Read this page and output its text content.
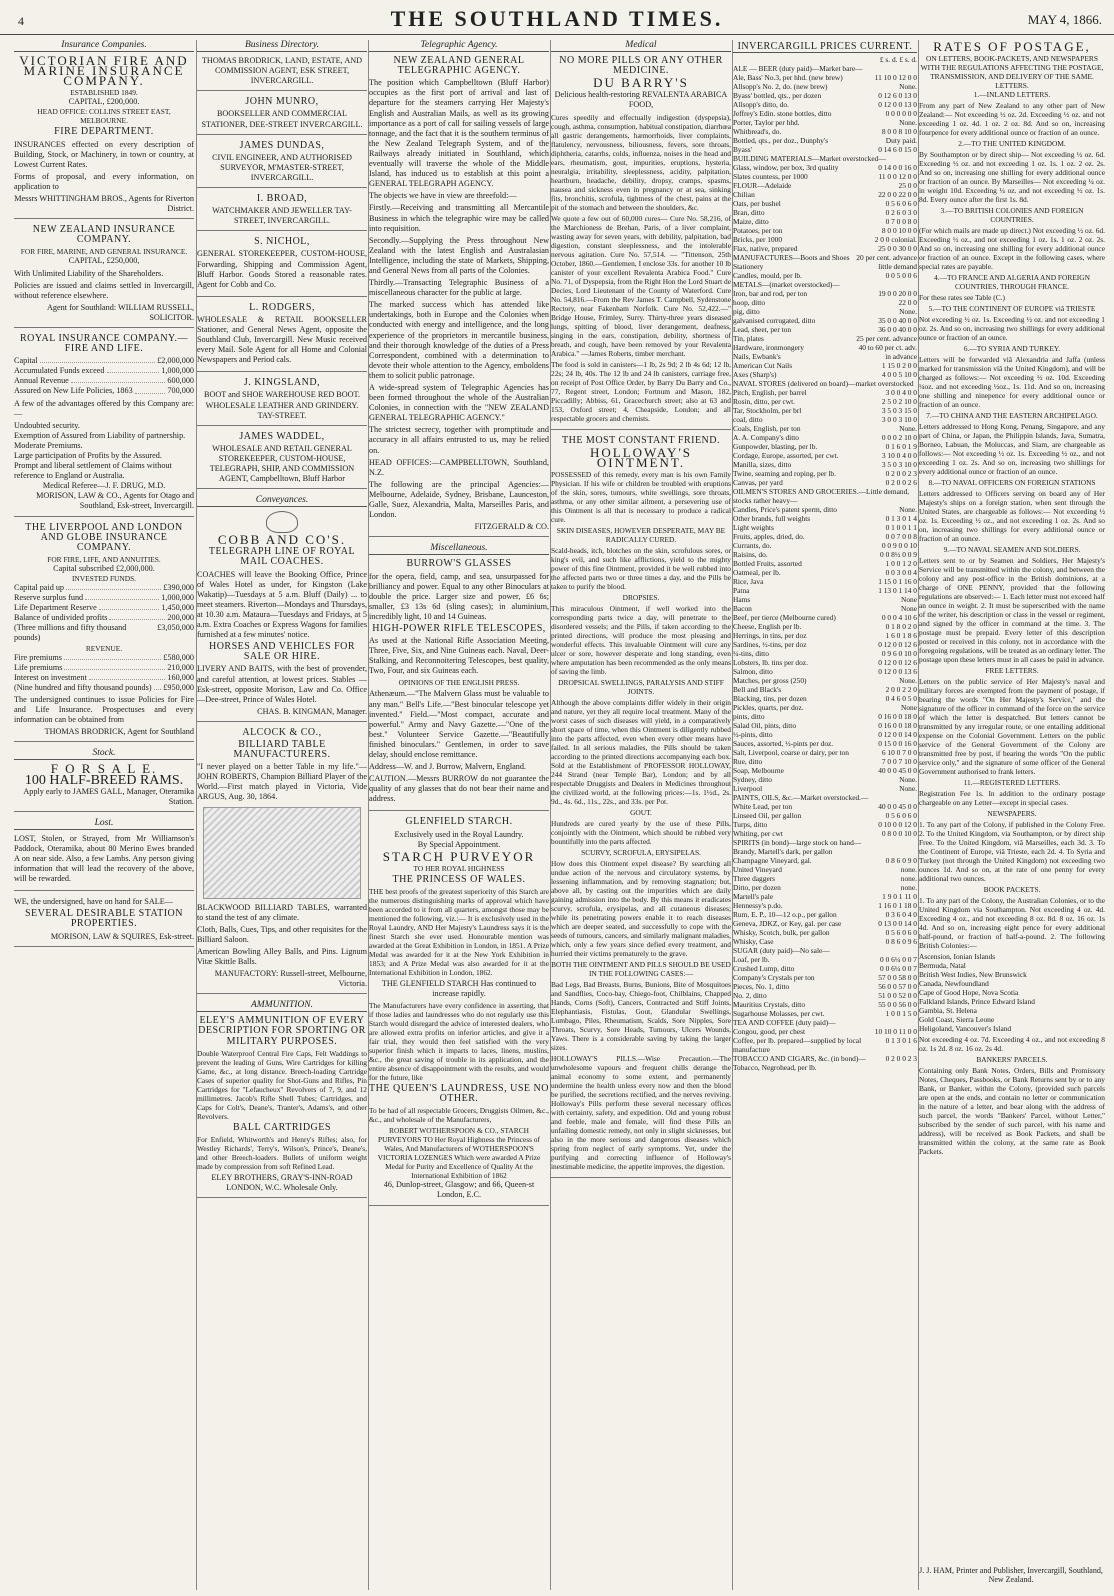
4	THE SOUTHLAND TIMES.	MAY 4, 1866.
Insurance Companies.
VICTORIAN FIRE AND MARINE INSURANCE COMPANY.
ESTABLISHED 1849.
CAPITAL, £200,000.
HEAD OFFICE: COLLINS STREET EAST, MELBOURNE.
FIRE DEPARTMENT.
INSURANCES effected on every description of Building, Stock, or Machinery, in town or country, at Lowest Current Rates.
Forms of proposal, and every information, on application to
Messrs WHITTINGHAM BROS., Agents for Riverton District.
NEW ZEALAND INSURANCE COMPANY.
FOR FIRE, MARINE, AND GENERAL INSURANCE.
CAPITAL, £250,000,
With Unlimited Liability of the Shareholders.
Policies are issued and claims settled in Invercargill, without reference elsewhere.
Agent for Southland: WILLIAM RUSSELL, SOLICITOR.
ROYAL INSURANCE COMPANY.—FIRE AND LIFE.
Capital	£2,000,000
Accumulated Funds exceed	1,000,000
Annual Revenue	600,000
Assured on New Life Policies, 1863	700,000
A few of the advantages offered by this Company are:—
Undoubted security.
Exemption of Assured from Liability of partnership.
Moderate Premiums.
Large participation of Profits by the Assured.
Prompt and liberal settlement of Claims without reference to England or Australia.
Medical Referee—J. F. DRUG, M.D.
MORISON, LAW & CO., Agents for Otago and Southland, Esk-street, Invercargill.
THE LIVERPOOL AND LONDON AND GLOBE INSURANCE COMPANY.
FOR FIRE, LIFE, AND ANNUITIES.
Capital subscribed £2,000,000.
INVESTED FUNDS.
Capital paid up	£390,000
Reserve surplus fund	1,000,000
Life Department Reserve	1,450,000
Balance of undivided profits	200,000
(Three millions and fifty thousand pounds)
£3,050,000
REVENUE.
Fire premiums	£580,000
Life premiums	210,000
Interest on investment	160,000
(Nine hundred and fifty thousand pounds) £950,000
The undersigned continues to issue Policies for Fire and Life Insurance. Prospectuses and every information can be obtained from
THOMAS BRODRICK, Agent for Southland
Stock.
F O R S A L E.
100 HALF-BREED RAMS.
Apply early to JAMES GALL, Manager, Oteramika Station.
Lost.
LOST, Stolen, or Strayed, from Mr Williamson's Paddock, Oteramika, about 80 Merino Ewes branded A on near side. Also, a few Lambs. Any person giving information that will lead the recovery of the above, will be rewarded.
WE, the undersigned, have on hand for SALE—
SEVERAL DESIRABLE STATION PROPERTIES.
MORISON, LAW & SQUIRES, Esk-street.
Business Directory.
THOMAS BRODRICK, LAND, ESTATE, AND COMMISSION AGENT, ESK STREET, INVERCARGILL.
JOHN MUNRO,
BOOKSELLER AND COMMERCIAL STATIONER, DEE-STREET INVERCARGILL.
JAMES DUNDAS,
CIVIL ENGINEER, AND AUTHORISED SURVEYOR, M'MASTER-STREET, INVERCARGILL.
I. BROAD,
WATCHMAKER AND JEWELLER TAY-STREET, INVERCARGILL.
S. NICHOL,
GENERAL STOREKEEPER, CUSTOM-HOUSE, Forwarding, Shipping and Commission Agent, Bluff Harbor. Goods Stored a reasonable rates. Agent for Cobb and Co.
L. RODGERS,
WHOLESALE & RETAIL BOOKSELLER Stationer, and General News Agent, opposite the Southland Club, Invercargill. New Music received every Mail. Sole Agent for all Home and Colonial Newspapers and Period cals.
J. KINGSLAND,
BOOT and SHOE WAREHOUSE RED BOOT. WHOLESALE LEATHER AND GRINDERY. TAY-STREET.
JAMES WADDEL,
WHOLESALE AND RETAIL GENERAL STOREKEEPER, CUSTOM-HOUSE, TELEGRAPH, SHIP, AND COMMISSION AGENT, Campbelltown, Bluff Harbor
Conveyances.
COBB AND CO'S.
TELEGRAPH LINE OF ROYAL MAIL COACHES.
COACHES will leave the Booking Office, Prince of Wales Hotel as under, for Kingston (Lake Wakatip)—Tuesdays at 5 a.m. Bluff (Daily) ... to meet steamers. Riverton—Mondays and Thursdays, at 10.30 a.m. Mataura—Tuesdays and Fridays, at 5 a.m. Extra Coaches or Express Wagons for families furnished at a few minutes' notice.
HORSES AND VEHICLES FOR SALE OR HIRE.
LIVERY AND BAITS, with the best of provender, and careful attention, at lowest prices. Stables — Esk-street, opposite Morison, Law and Co. Office—Dee-street, Prince of Wales Hotel.
CHAS. B. KINGMAN, Manager.
ALCOCK & CO.,
BILLIARD TABLE MANUFACTURERS.
"I never played on a better Table in my life."—JOHN ROBERTS, Champion Billiard Player of the World.—First match played in Victoria, Vide ARGUS, Aug. 30, 1864.
BLACKWOOD BILLIARD TABLES, warranted to stand the test of any climate.
Cloth, Balls, Cues, Tips, and other requisites for the Billiard Saloon.
American Bowling Alley Balls, and Pins. Lignum Vitæ Skittle Balls.
MANUFACTORY: Russell-street, Melbourne, Victoria.
AMMUNITION.
ELEY'S AMMUNITION OF EVERY DESCRIPTION FOR SPORTING OR MILITARY PURPOSES.
Double Waterproof Central Fire Caps, Felt Waddings to prevent the leading of Guns, Wire Cartridges for killing Game, &c., at long distance. Breech-loading Cartridge Cases of superior quality for Shot-Guns and Rifles, Pin Cartridges for "Lefaucheux" Revolvers of 7, 9, and 12 millimetres. Jacob's Rifle Shell Tubes; Cartridges, and Caps for Colt's, Deane's, Tranter's, Adams's, and other Revolvers.
BALL CARTRIDGES
For Enfield, Whitworth's and Henry's Rifles; also, for Westley Richards', Terry's, Wilson's, Prince's, Deane's, and other Breech-loaders. Bullets of uniform weight made by compression from soft Refined Lead.
ELEY BROTHERS, GRAY'S-INN-ROAD LONDON, W.C. Wholesale Only.
Telegraphic Agency.
NEW ZEALAND GENERAL TELEGRAPHIC AGENCY.
The position which Campbelltown (Bluff Harbor) occupies as the first port of arrival and last of departure for the steamers carrying Her Majesty's English and Australian Mails, as well as its growing importance as a port of call for sailing vessels of large tonnage, and the fact that it is the southern terminus of the New Zealand Telegraph System, and of the Railways already initiated in Southland, which eventually will traverse the whole of the Middle Island, has induced us to establish at this point a GENERAL TELEGRAPH AGENCY.
The objects we have in view are threefold:—
Firstly.—Receiving and transmitting all Mercantile Business in which the telegraphic wire may be called into requisition.
Secondly.—Supplying the Press throughout New Zealand with the latest English and Australasian Intelligence, including the state of Markets, Shipping, and General News from all parts of the Colonies.
Thirdly.—Transacting Telegraphic Business of a miscellaneous character for the public at large.
The marked success which has attended like undertakings, both in Europe and the Colonies when conducted with energy and intelligence, and the long experience of the proprietors in mercantile business, and their thorough knowledge of the duties of a Press Correspondent, combined with a determination to devote their whole attention to the Agency, emboldens them to solicit public patronage.
A wide-spread system of Telegraphic Agencies has been formed throughout the whole of the Australian Colonies, in connection with the "NEW ZEALAND GENERAL TELEGRAPHIC AGENCY."
The strictest secrecy, together with promptitude and accuracy in all affairs entrusted to us, may be relied on.
HEAD OFFICES:—CAMPBELLTOWN, Southland, N.Z.
The following are the principal Agencies:—Melbourne, Adelaide, Sydney, Brisbane, Launceston, Galle, Suez, Alexandria, Malta, Marseilles Paris, and London.
FITZGERALD & CO.
Miscellaneous.
BURROW'S GLASSES
for the opera, field, camp, and sea, unsurpassed for brilliancy and power. Equal to any other Binoculars at double the price. Larger size and power, £6 6s; smaller, £3 13s 6d (sling cases); in aluminium, incredibly light, 10 and 14 Guineas.
HIGH-POWER RIFLE TELESCOPES,
As used at the National Rifle Association Meeting, Three, Five, Six, and Nine Guineas each. Naval, Deer-Stalking, and Reconnoitering Telescopes, best quality, Two, Four, and six Guineas each.
OPINIONS OF THE ENGLISH PRESS.
Athenæum.—"The Malvern Glass must be valuable to any man." Bell's Life.—"Best binocular telescope yet invented." Field.—"Most compact, accurate and powerful." Army and Navy Gazette.—"One of the best." Volunteer Service Gazette.—"Beautifully finished binoculars." Gentlemen, in order to save delay, should enclose remittance.
Address—W. and J. Burrow, Malvern, England.
CAUTION.—Messrs BURROW do not guarantee the quality of any glasses that do not bear their name and address.
GLENFIELD STARCH.
Exclusively used in the Royal Laundry.
By Special Appointment.
STARCH PURVEYOR
TO HER ROYAL HIGHNESS
THE PRINCESS OF WALES.
THE best proofs of the greatest superiority of this Starch are the numerous distinguishing marks of approval which have been accorded to it from all quarters, amongst those may be mentioned the following, viz.:— It is exclusively used in the Royal Laundry, AND Her Majesty's Laundress says it is the finest Starch she ever used. Honourable mention was awarded at the Great Exhibition in London, in 1851. A Prize Medal was awarded for it at the New York Exhibition in 1853; and A Prize Medal was also awarded for it at the International Exhibition in London, 1862.
THE GLENFIELD STARCH Has continued to increase rapidly.
The Manufacturers have every confidence in asserting, that if those ladies and laundresses who do not regularly use this Starch would disregard the advice of interested dealers, who are allowed extra profits on inferior articles, and give it a fair trial, they would then feel satisfied with the very superior finish which it imparts to laces, linens, muslins, &c., the great saving of trouble in its application, and the entire absence of disappointment with the results, and would for the future, like
THE QUEEN'S LAUNDRESS, USE NO OTHER.
To be had of all respectable Grocers, Druggists Oilmen, &c., &c., and wholesale of the Manufacturers,
ROBERT WOTHERSPOON & CO., STARCH PURVEYORS TO Her Royal Highness the Princess of Wales, And Manufacturers of WOTHERSPOON'S VICTORIA LOZENGES Which were awarded A Prize Medal for Purity and Excellence of Quality At the International Exhibition of 1862
46, Dunlop-street, Glasgow; and 66, Queen-st London, E.C.
Medical
NO MORE PILLS OR ANY OTHER MEDICINE.
DU BARRY'S
Delicious health-restoring REVALENTA ARABICA FOOD,
Cures speedily and effectually indigestion (dyspepsia), cough, asthma, consumption, habitual constipation, diarrhœa all gastric derangements, hæmorrhoids, liver complaints, flatulency, nervousness, biliousness, fevers, sore throats, diphtheria, catarrhs, colds, influenza, noises in the head and ears, rheumatism, gout, impurities, eruptions, hysteria, neuralgia, irritability, sleeplessness, acidity, palpitation, heartburn, headache, debility, dropsy, cramps, spasms, nausea and sickness even in pregnancy or at sea, sinking fits, bronchitis, scrofula, tightness of the chest, pains at the pit of the stomach and between the shoulders, &c.
We quote a few out of 60,000 cures— Cure No. 58,216, of the Marchioness de Brehan, Paris, of a liver complaint, wasting away for seven years, with debility, palpitation, bad digestion, constant sleeplessness, and the intolerable nervous agitation. Cure No. 57,514. — "Tittenson, 25th October, 1860.—Gentlemen, I enclose 33s. for another 10 lb canister of your excellent Revalenta Arabica Food." Cure No. 71, of Dyspepsia, from the Right Hon the Lord Stuart de Decies, Lord Lieutenant of the County of Waterford. Cure No. 54,816.—From the Rev James T. Campbell, Sydenstone Rectory, near Fakenham Norfolk. Cure No. 52,422.—" Bridge House, Frimley, Surry. Thirty-three years diseased lungs, spitting of blood, liver derangement, deafness, singing in the ears, constipation, debility, shortness of breath, and cough, have been removed by your Revalenta Arabica." —James Roberts, timber merchant.
The food is sold in canisters—1 lb, 2s 9d; 2 lb 4s 6d; 12 lb, 22s; 24 lb, 40s. The 12 lb and 24 lb canisters, carriage free, on receipt of Post Office Order, by Barry Du Barry and Co., 77, Regent street, London; Fortnum and Mason, 182, Piccadilly; Abbiss, 61, Gracechurch street; also at 63 and 153, Oxford street; 4, Cheapside, London; and all respectable grocers and chemists.
THE MOST CONSTANT FRIEND.
HOLLOWAY'S OINTMENT.
POSSESSED of this remedy, every man is his own Family Physician. If his wife or children be troubled with eruptions of the skin, sores, tumours, white swellings, sore throats, asthma, or any other similar ailment, a persevering use of this Ointment is all that is necessary to produce a radical cure.
SKIN DISEASES, HOWEVER DESPERATE, MAY BE RADICALLY CURED.
Scald-heads, itch, blotches on the skin, scrofulous sores, or king's evil, and such like afflictions, yield to the mighty power of this fine Ointment, provided it be well rubbed into the affected parts two or three times a day, and the Pills be taken to purify the blood.
DROPSIES.
This miraculous Ointment, if well worked into the corresponding parts twice a day, will penetrate to the disordered vessels; and the Pills, if taken according to the printed directions, will produce the most pleasing and wonderful effects. This invaluable Ointment will cure any ulcer or sore, however desperate and long standing, even where amputation has been recommended as the only means of saving the limb.
DROPSICAL SWELLINGS, PARALYSIS AND STIFF JOINTS.
Although the above complaints differ widely in their origin and nature, yet they all require local treatment. Many of the worst cases of such diseases will yield, in a comparatively short space of time, when this Ointment is diligently rubbed into the parts affected, even when every other means have failed. In all serious maladies, the Pills should be taken according to the printed directions accompanying each box. Sold at the Establishment of PROFESSOR HOLLOWAY, 244 Strand (near Temple Bar), London; and by all respectable Druggists and Dealers in Medicines throughout the civilized world, at the following prices:—1s. 1½d., 2s. 9d., 4s. 6d., 11s., 22s., and 33s. per Pot.
GOUT.
Hundreds are cured yearly by the use of these Pills, conjointly with the Ointment, which should be rubbed very bountifully into the parts affected.
SCURVY, SCROFULA, ERYSIPELAS.
How does this Ointment expel disease? By searching all undue action of the nervous and circulatory systems, by lessening inflammation, and by removing stagnation; but, above all, by casting out the impurities which are daily gaining admission into the body. By this means it eradicates scurvy, scrofula, erysipelas, and all cutaneous diseases; while its penetrating powers enable it to reach diseases which are deeper seated, and successfully to cope with the seeds of tumours, cancers, and similarly malignant maladies, which, only a few years since defied every treatment, and hurried their victims prematurely to the grave.
BOTH THE OINTMENT AND PILLS SHOULD BE USED IN THE FOLLOWING CASES:—
Bad Legs, Bad Breasts, Burns, Bunions, Bite of Mosquitoes and Sandflies, Coco-bay, Chiego-foot, Chilblains, Chapped Hands, Corns (Soft), Cancers, Contracted and Stiff Joints, Elephantiasis, Fistulas, Gout, Glandular Swellings, Lumbago, Piles, Rheumatism, Scalds, Sore Nipples, Sore Throats, Scurvy, Sore Heads, Tumours, Ulcers Wounds, Yaws. There is a considerable saving by taking the larger sizes.
HOLLOWAY'S PILLS.—Wise Precaution.—The unwholesome vapours and frequent chills derange the animal economy to some extent, and permanently undermine the health unless every now and then the blood be purified, the secretions rectified, and the nerves reviving. Holloway's Pills perform these several necessary offices with certainty, safety, and expedition. Old and young robust and feeble, male and female, will find these Pills an unfailing domestic remedy, not only in slight sicknesses, but also in the more serious and dangerous diseases which spring from neglect of early symptoms. Yet, under the purifying and correcting influence of Holloway's inestimable medicine, the appetite improves, the digestion.
INVERCARGILL PRICES CURRENT.
£ s. d. £ s. d.
ALE — BEER (duty paid)—Market bare—
Ale, Bass' No.3, per hhd. (new brew)	11 10 0 12 0 0
Allsopp's No. 2, do. (new brew)	None.
Byass' bottled, qts., per dozen	0 12 6 0 13 0
Allsopp's ditto, do.	0 12 0 0 13 0
Jeffrey's Edin. stone bottles, ditto	0 0 0 0 0 0
Porter, Taylor per hhd.	None.
Whitbread's, do.	8 0 0 8 10 0
Bottled, qts., per doz., Dunphy's	Duty paid.
Byass'	0 14 6 0 15 0
BUILDING MATERIALS—Market overstocked—
Glass, window, per box, 3rd quality	0 14 0 0 16 0
Slates countess, per 1000	11 0 0 12 0 0
FLOUR—Adelaide	25 0 0
Chilian	22 0 0 22 0 0
Oats, per bushel	0 5 6 0 6 0
Bran, ditto	0 2 6 0 3 0
Maize, ditto	0 7 0 0 8 0
Potatoes, per ton	8 0 0 10 0 0
Bricks, per 1000	2 0 0 colonial.
Flax, native, prepared	25 0 0 30 0 0
MANUFACTURES—Boots and Shoes 20 per cent. advance
Stationery	little demand
Candles, mould, per lb.	0 0 5 0 0 6
METALS—(market overstocked)—
Iron, bar and rod, per ton	19 0 0 20 0 0
hoop, ditto	22 0 0
pig, ditto	None.
galvanised corrugated, ditto	35 0 0 40 0 0
Lead, sheet, per ton	36 0 0 40 0 0
Tin, plates	25 per cent. advance
Hardware, ironmongery	40 to 60 per ct. adv.
Nails, Ewbank's	in advance
American Cut Nails	1 15 0 2 0 0
Axes (Sharp's)	4 0 0 5 10 0
NAVAL STORES (delivered on board)—market overstocked
Pitch, English, per barrel	3 0 0 4 0 0
Rosin, ditto, per cwt.	2 5 0 2 10 0
Tar, Stockholm, per brl	3 5 0 3 15 0
coal, ditto	3 0 0 3 10 0
Coals, English, per ton	None.
A. A. Company's ditto	0 0 0 2 10 0
Gunpowder, blasting, per lb.	0 1 6 0 1 9
Cordage, Europe, assorted, per cwt.	3 10 0 4 0 0
Manilla, sizes, ditto	3 5 0 3 10 0
Twine, seaming and roping, per lb.	0 2 0 0 2 3
Canvas, per yard	0 2 0 0 2 6
OILMEN'S STORES AND GROCERIES.—Little demand, stocks rather heavy—
Candles, Price's patent sperm, ditto	None.
Other brands, full weights	0 1 3 0 1 4
Light weights	0 1 0 0 1 1
Fruits, apples, dried, do.	0 0 7 0 0 8
Currants, do.	0 0 9 0 0 10
Raisins, do.	0 0 8½ 0 0 9
Bottled Fruits, assorted	1 0 0 1 2 0
Oatmeal, per lb.	0 0 3 0 0 4
Rice, Java	1 15 0 1 16 0
Patna	1 13 0 1 14 0
Hams	None
Bacon	None
Beef, per tierce (Melbourne cured)	0 0 0 4 10 6
Cheese, English per lb.	0 1 8 0 2 0
Herrings, in tins, per doz	1 6 0 1 8 6
Sardines, ½-tins, per doz	0 12 0 0 12 6
¼-tins, ditto	0 9 6 0 10 0
Lobsters, lb. tins per doz.	0 12 0 0 12 6
Salmon, ditto	0 12 0 0 13 6
Matches, per gross (250)	None.
Bell and Black's	2 0 0 2 2 0
Blacking, tins, per dozen	0 4 6 0 5 0
Pickles, quarts, per doz.	None
pints, ditto	0 16 0 0 18 0
Salad Oil, pints, ditto	0 16 0 0 18 0
½-pints, ditto	0 12 0 0 14 0
Sauces, assorted, ½-pints per doz.	0 15 0 0 16 0
Salt, Liverpool, coarse or dairy, per ton	6 10 0 7 0 0
Rue, ditto	7 0 0 7 10 0
Soap, Melbourne	40 0 0 45 0 0
Sydney, ditto	None.
Liverpool	None.
PAINTS, OILS, &c.—Market overstocked.—
White Lead, per ton	40 0 0 45 0 0
Linseed Oil, per gallon	0 5 6 0 6 0
Turps, ditto	0 10 0 0 12 0
Whiting, per cwt	0 8 0 0 10 0
SPIRITS (in bond)—large stock on hand—
Brandy, Martell's dark, per gallon
Champagne Vineyard, gal.	0 8 6 0 9 0
United Vineyard	none.
Three daggers	none.
Ditto, per dozen	none.
Martell's pale	1 9 0 1 11 0
Hennessy's p.do.	1 16 0 1 18 0
Rum, E. P., 10—12 o.p., per gallon	0 3 6 0 4 0
Geneva, JDKZ, or Key, gal. per case	0 13 0 0 14 0
Whisky, Scotch, bulk, per gallon	0 5 6 0 6 0
Whisky, Case	0 8 6 0 9 6
SUGAR (duty paid)—No sale—
Loaf, per lb.	0 0 6¼ 0 0 7
Crushed Lump, ditto	0 0 6¼ 0 0 7
Company's Crystals per ton	57 0 0 58 0 0
Pieces, No. 1, ditto	56 0 0 57 0 0
No. 2, ditto	51 0 0 52 0 0
Mauritius Crystals, ditto	55 0 0 56 0 0
Sugarhouse Molasses, per cwt.	1 0 0 1 5 0
TEA AND COFFEE (duty paid)—
Congou, good, per chest	10 10 0 11 0 0
Coffee, per lb. prepared—supplied by local manufacture
0 1 3 0 1 6
TOBACCO AND CIGARS, &c. (in bond)—Tobacco, Negrohead, per lb.
0 2 0 0 2 3
RATES OF POSTAGE,
ON LETTERS, BOOK-PACKETS, AND NEWSPAPERS WITH THE REGULATIONS AFFECTING THE POSTAGE, TRANSMISSION, AND DELIVERY OF THE SAME.
LETTERS.
1.—INLAND LETTERS.
From any part of New Zealand to any other part of New Zealand:— Not exceeding ½ oz. 2d. Exceeding ½ oz. and not exceeding 1 oz. 4d. 1 oz. 2 oz. 8d. And so on, increasing fourpence for every additional ounce or fraction of an ounce.
2.—TO THE UNITED KINGDOM.
By Southampton or by direct ship— Not exceeding ½ oz. 6d. Exceeding ½ oz. and not exceeding 1 oz. 1s. 1 oz. 2 oz. 2s. And so on, increasing one shilling for every additional ounce or fraction of an ounce. By Marseilles— Not exceeding ¼ oz. in weight 10d. Exceeding ¼ oz. and not exceeding ½ oz. 1s. 8d. Every ounce after the first 1s. 8d.
3.—TO BRITISH COLONIES AND FOREIGN COUNTRIES.
(For which mails are made up direct.) Not exceeding ½ oz. 6d. Exceeding ½ oz., and not exceeding 1 oz. 1s. 1 oz. 2 oz. 2s. And so on, increasing one shilling for every additional ounce or fraction of an ounce. Except in the following cases, where special rates are payable.
4.—TO FRANCE AND ALGERIA AND FOREIGN COUNTRIES, THROUGH FRANCE.
For these rates see Table (C.)
5.—TO THE CONTINENT OF EUROPE viâ TRIESTE
Not exceeding ½ oz. 1s. Exceeding ½ oz. and not exceeding 1 oz. 2s. And so on, increasing two shillings for every additional ounce or fraction of an ounce.
6.—TO SYRIA AND TURKEY.
Letters will be forwarded viâ Alexandria and Jaffa (unless marked for transmission viâ the United Kingdom), and will be charged as follows:— Not exceeding ½ oz. 10d. Exceeding ¼oz. and not exceeding ½oz., 1s. 11d. And so on, increasing one shilling and ninepence for every additional ounce or fraction of an ounce.
7.—TO CHINA AND THE EASTERN ARCHIPELAGO.
Letters addressed to Hong Kong, Penang, Singapore, and any part of China, or Japan, the Philippin Islands, Java, Sumatra, Borneo, Labuan, the Moluccas, and Siam, are chargeable as follows:— Not exceeding ½ oz. 1s. Exceeding ½ oz., and not exceeding 1 oz. 2s. And so on, increasing two shillings for every additional ounce or fraction of an ounce.
8.—TO NAVAL OFFICERS ON FOREIGN STATIONS
Letters addressed to Officers serving on board any of Her Majesty's ships on a foreign station, when sent through the United States, are chargeable as follows:— Not exceeding ½ oz. 1s. Exceeding ½ oz., and not exceeding 1 oz. 2s. And so on, increasing two shillings for every additional ounce or fraction of an ounce.
9.—TO NAVAL SEAMEN AND SOLDIERS.
Letters sent to or by Seamen and Soldiers, Her Majesty's Service will be transmitted within the colony, and between the colony and any post-office in the British dominions, at a charge of ONE PENNY, provided that the following regulations are observed:— 1. Each letter must not exceed half an ounce in weight. 2. It must be superscribed with the name of the writer, his description or class in the vessel or regiment, and signed by the officer in command at the time. 3. The postage must be prepaid. Every letter of this description posted or received in this colony, not in accordance with the foregoing regulations, will be treated as an ordinary letter. The postage upon these letters must in all cases be paid in advance.
FREE LETTERS.
Letters on the public service of Her Majesty's naval and military forces are exempted from the payment of postage, if bearing the words "On Her Majesty's Service," and the signature of the officer in command of the force on the service of which the letter is despatched. But letters cannot be transmitted by any irregular route, or one entailing additional expense on the Colonial Government. Letters on the public service of the General Government of the Colony are transmitted free by post, if bearing the words "On the public service only," and the signature of some officer of the General Government authorised to frank letters.
11.—REGISTERED LETTERS.
Registration Fee 1s. In addition to the ordinary postage chargeable on any Letter—except in special cases.
NEWSPAPERS.
1. To any part of the Colony, if published in the Colony Free. 2. To the United Kingdom, via Southampton, or by direct ship Free. To the United Kingdom, viâ Marseilles, each 3d. 3. To the Continent of Europe, viâ Trieste, each 2d. 4. To Syria and Turkey (not through the United Kingdom) not exceeding two ounces 1d. And so on, at the rate of one penny for every additional two ounces.
BOOK PACKETS.
1. To any part of the Colony, the Australian Colonies, or to the United Kingdom via Southampton. Not exceeding 4 oz. 4d. Exceeding 4 oz., and not exceeding 8 oz. 8d. 8 oz. 16 oz. 1s 4d. And so on, increasing eight pence for every additional half-pound, or fraction of half-a-pound. 2. The following British Colonies:—
Ascension, Ionian Islands
Bermuda, Natal
British West Indies, New Brunswick
Canada, Newfoundland
Cape of Good Hope, Nova Scotia
Falkland Islands, Prince Edward Island
Gambia, St. Helena
Gold Coast, Sierra Leone
Heligoland, Vancouver's Island
Not exceeding 4 oz. 7d. Exceeding 4 oz., and not exceeding 8 oz. 1s 2d. 8 oz. 16 oz. 2s 4d.
BANKERS' PARCELS.
Containing only Bank Notes, Orders, Bills and Promissory Notes, Cheques, Passbooks, or Bank Returns sent by or to any Bank, or Banker, within the Colony, (provided such parcels are open at the ends, and contain no letter or communication in the nature of a letter, and bear along with the address of such parcel, the words "Bankers' Parcel, without Letter," subscribed by the sender of such parcel, with his name and address), will be received as Book Packets, and shall be transmitted within the colony, at the same rate as Book Packets.
J. J. HAM, Printer and Publisher, Invercargill, Southland, New Zealand.
